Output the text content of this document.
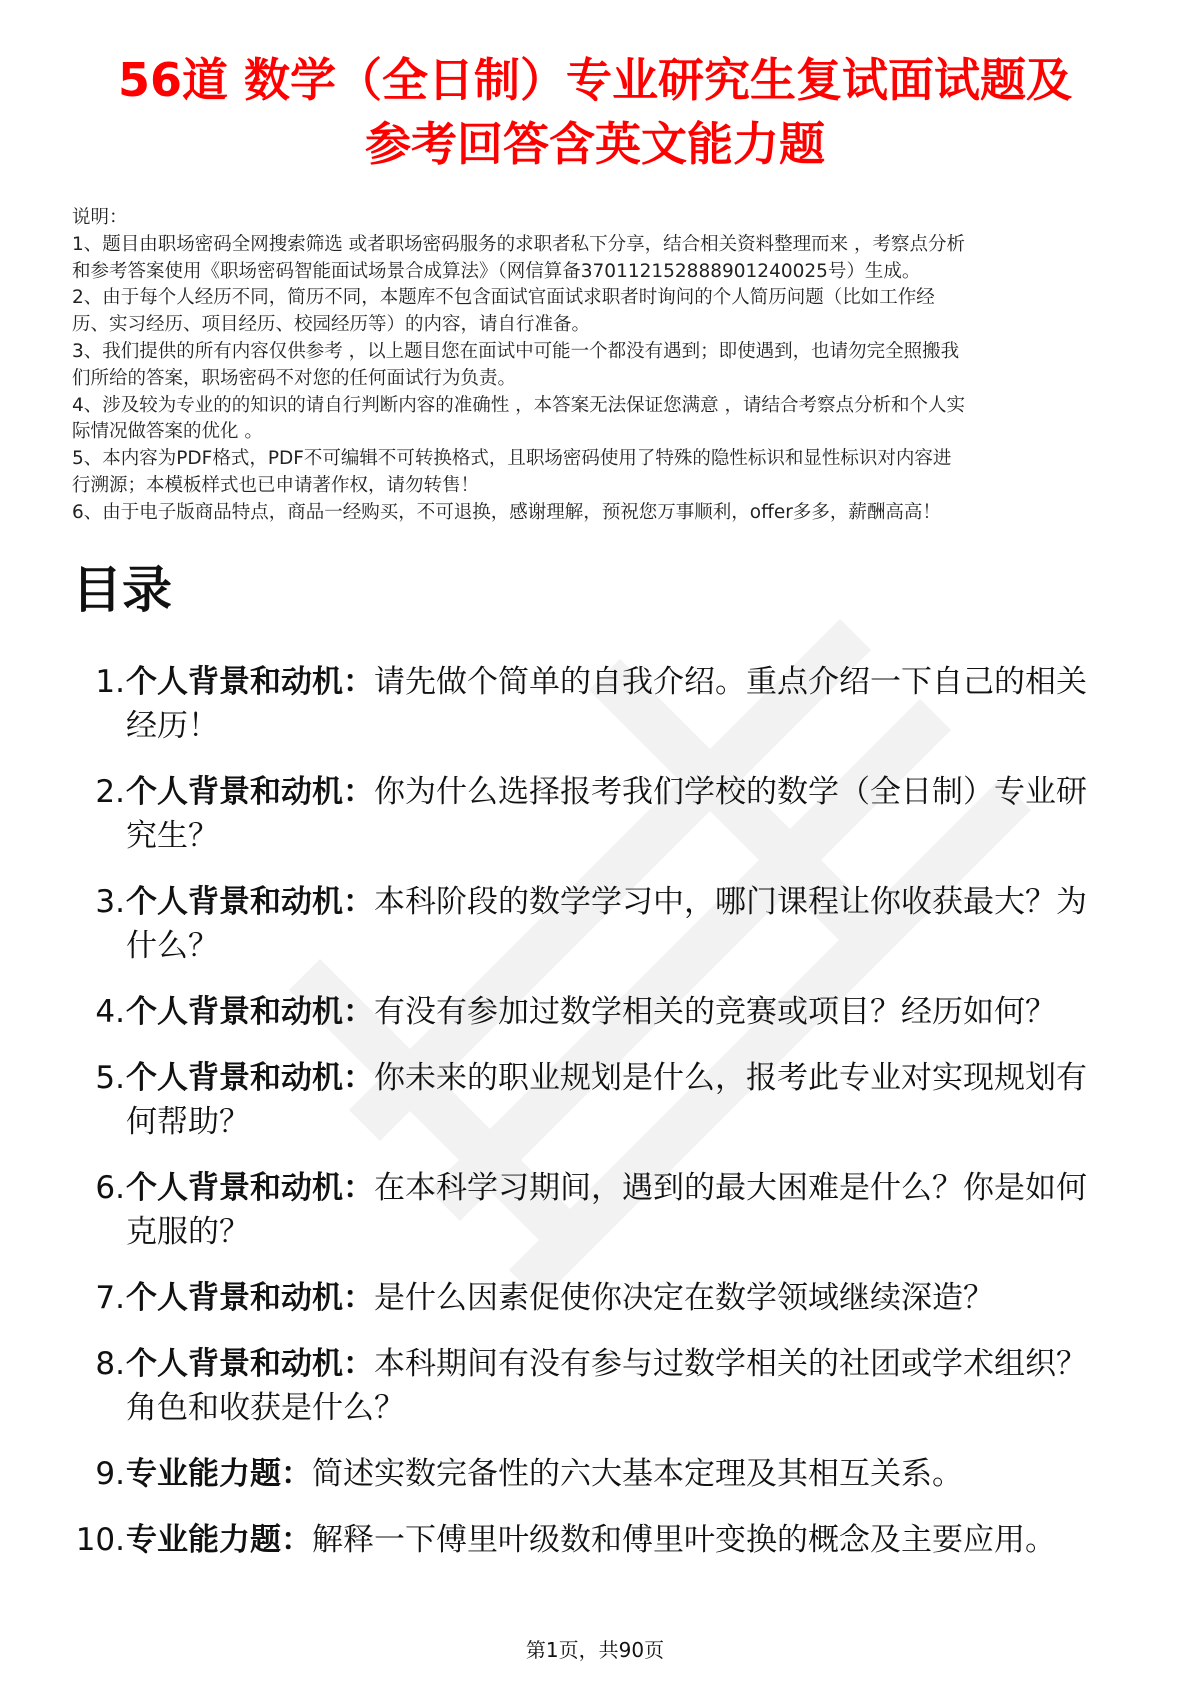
56道 数学（全日制）专业研究生复试面试题及
参考回答含英文能力题
说明：
1、题目由职场密码全网搜索筛选 或者职场密码服务的求职者私下分享，结合相关资料整理而来 ，考察点分析
和参考答案使用《职场密码智能面试场景合成算法》（网信算备370112152888901240025号）生成。
2、由于每个人经历不同，简历不同，本题库不包含面试官面试求职者时询问的个人简历问题（比如工作经
历、实习经历、项目经历、校园经历等）的内容，请自行准备。
3、我们提供的所有内容仅供参考 ，以上题目您在面试中可能一个都没有遇到；即使遇到，也请勿完全照搬我
们所给的答案，职场密码不对您的任何面试行为负责。
4、涉及较为专业的的知识的请自行判断内容的准确性 ，本答案无法保证您满意 ，请结合考察点分析和个人实
际情况做答案的优化 。
5、本内容为PDF格式，PDF不可编辑不可转换格式，且职场密码使用了特殊的隐性标识和显性标识对内容进
行溯源；本模板样式也已申请著作权，请勿转售！
6、由于电子版商品特点，商品一经购买，不可退换，感谢理解，预祝您万事顺利，offer多多，薪酬高高！
目录
1. 个人背景和动机：请先做个简单的自我介绍。重点介绍一下自己的相关经历！
2. 个人背景和动机：你为什么选择报考我们学校的数学（全日制）专业研究生？
3. 个人背景和动机：本科阶段的数学学习中，哪门课程让你收获最大？为什么？
4. 个人背景和动机：有没有参加过数学相关的竞赛或项目？经历如何？
5. 个人背景和动机：你未来的职业规划是什么，报考此专业对实现规划有何帮助？
6. 个人背景和动机：在本科学习期间，遇到的最大困难是什么？你是如何克服的？
7. 个人背景和动机：是什么因素促使你决定在数学领域继续深造？
8. 个人背景和动机：本科期间有没有参与过数学相关的社团或学术组织？角色和收获是什么？
9. 专业能力题：简述实数完备性的六大基本定理及其相互关系。
10. 专业能力题：解释一下傅里叶级数和傅里叶变换的概念及主要应用。
第1页，共90页
